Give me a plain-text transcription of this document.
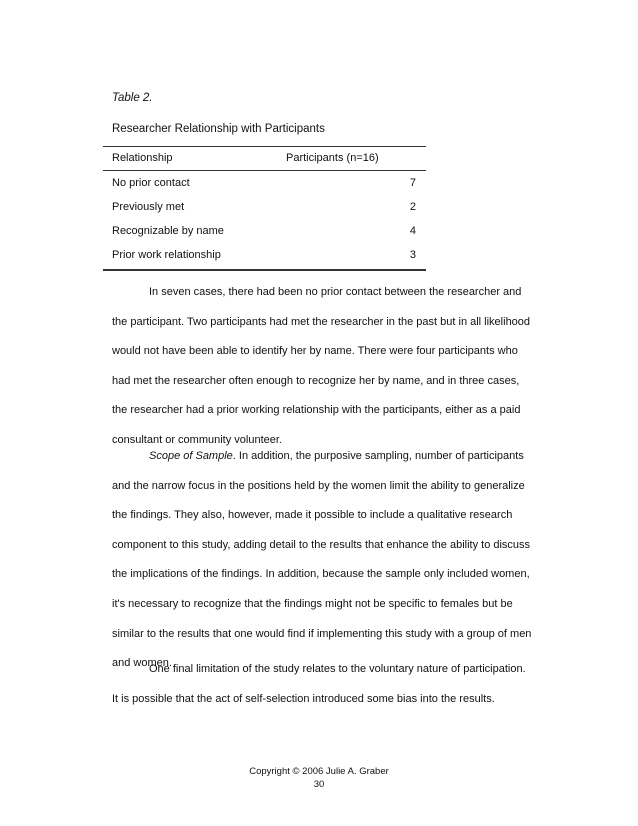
Table 2.
Researcher Relationship with Participants
Relationship	Participants (n=16)
No prior contact	7
Previously met	2
Recognizable by name	4
Prior work relationship	3

In seven cases, there had been no prior contact between the researcher and the participant. Two participants had met the researcher in the past but in all likelihood would not have been able to identify her by name. There were four participants who had met the researcher often enough to recognize her by name, and in three cases, the researcher had a prior working relationship with the participants, either as a paid consultant or community volunteer.

Scope of Sample. In addition, the purposive sampling, number of participants and the narrow focus in the positions held by the women limit the ability to generalize the findings. They also, however, made it possible to include a qualitative research component to this study, adding detail to the results that enhance the ability to discuss the implications of the findings. In addition, because the sample only included women, it's necessary to recognize that the findings might not be specific to females but be similar to the results that one would find if implementing this study with a group of men and women.

One final limitation of the study relates to the voluntary nature of participation. It is possible that the act of self-selection introduced some bias into the results.

Copyright © 2006 Julie A. Graber
30
